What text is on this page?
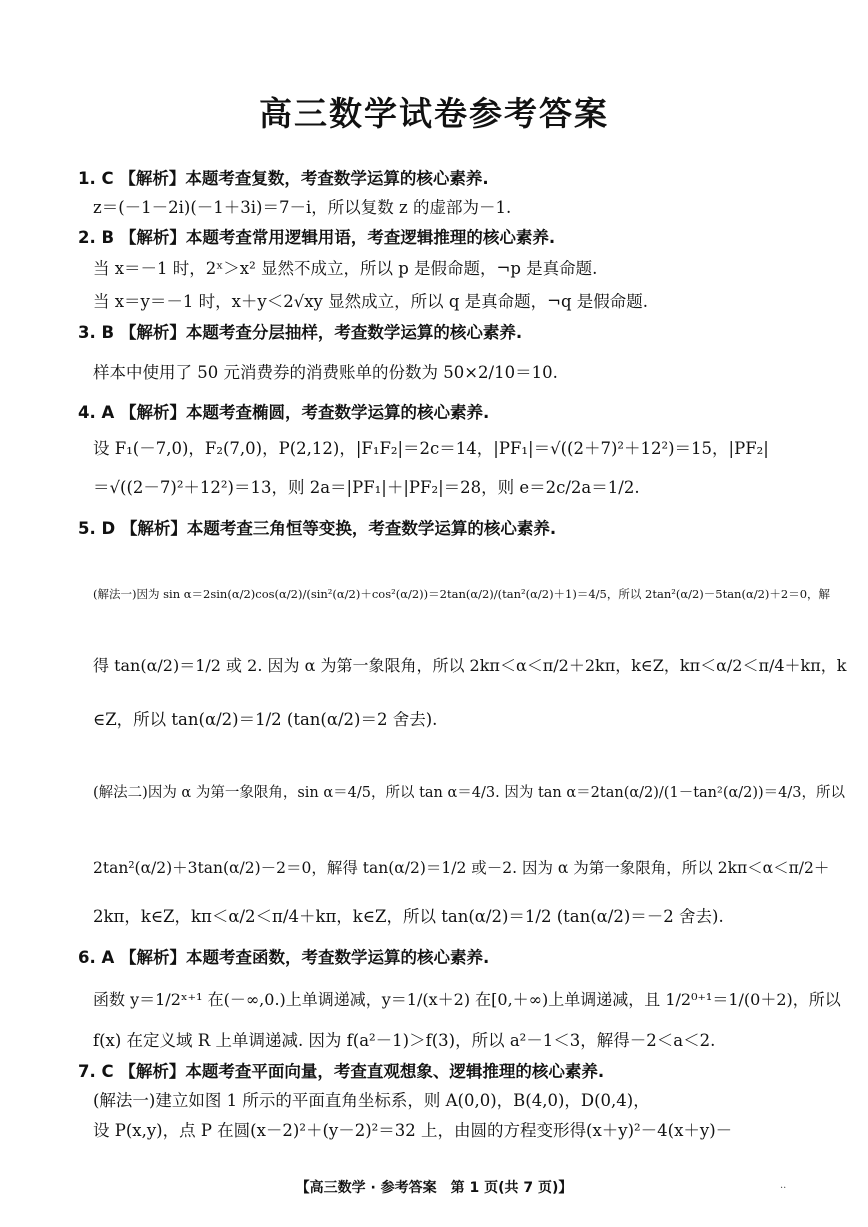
高三数学试卷参考答案
1. C 【解析】本题考查复数，考查数学运算的核心素养.
z＝(－1－2i)(－1＋3i)＝7－i，所以复数 z 的虚部为－1.
2. B 【解析】本题考查常用逻辑用语，考查逻辑推理的核心素养.
当 x＝－1 时，2ˣ＞x² 显然不成立，所以 p 是假命题，¬p 是真命题.
当 x＝y＝－1 时，x＋y＜2√xy 显然成立，所以 q 是真命题，¬q 是假命题.
3. B 【解析】本题考查分层抽样，考查数学运算的核心素养.
样本中使用了 50 元消费券的消费账单的份数为 50×2/10＝10.
4. A 【解析】本题考查椭圆，考查数学运算的核心素养.
设 F₁(－7,0)，F₂(7,0)，P(2,12)，|F₁F₂|＝2c＝14，|PF₁|＝√((2＋7)²＋12²)＝15，|PF₂|
＝√((2－7)²＋12²)＝13，则 2a＝|PF₁|＋|PF₂|＝28，则 e＝2c/2a＝1/2.
5. D 【解析】本题考查三角恒等变换，考查数学运算的核心素养.
(解法一)因为 sin α＝2sin(α/2)cos(α/2)/(sin²(α/2)＋cos²(α/2))＝2tan(α/2)/(tan²(α/2)＋1)＝4/5，所以 2tan²(α/2)－5tan(α/2)＋2＝0，解
得 tan(α/2)＝1/2 或 2. 因为 α 为第一象限角，所以 2kπ＜α＜π/2＋2kπ，k∈Z，kπ＜α/2＜π/4＋kπ，k
∈Z，所以 tan(α/2)＝1/2 (tan(α/2)＝2 舍去).
(解法二)因为 α 为第一象限角，sin α＝4/5，所以 tan α＝4/3. 因为 tan α＝2tan(α/2)/(1－tan²(α/2))＝4/3，所以
2tan²(α/2)＋3tan(α/2)－2＝0，解得 tan(α/2)＝1/2 或－2. 因为 α 为第一象限角，所以 2kπ＜α＜π/2＋
2kπ，k∈Z，kπ＜α/2＜π/4＋kπ，k∈Z，所以 tan(α/2)＝1/2 (tan(α/2)＝－2 舍去).
6. A 【解析】本题考查函数，考查数学运算的核心素养.
函数 y＝1/2ˣ⁺¹ 在(－∞,0.)上单调递减，y＝1/(x＋2) 在[0,＋∞)上单调递减，且 1/2⁰⁺¹＝1/(0＋2)，所以
f(x) 在定义域 R 上单调递减. 因为 f(a²－1)＞f(3)，所以 a²－1＜3，解得－2＜a＜2.
7. C 【解析】本题考查平面向量，考查直观想象、逻辑推理的核心素养.
(解法一)建立如图 1 所示的平面直角坐标系，则 A(0,0)，B(4,0)，D(0,4)，
设 P(x,y)，点 P 在圆(x－2)²＋(y－2)²＝32 上，由圆的方程变形得(x＋y)²－4(x＋y)－
【高三数学 · 参考答案　第 1 页(共 7 页)】	··
